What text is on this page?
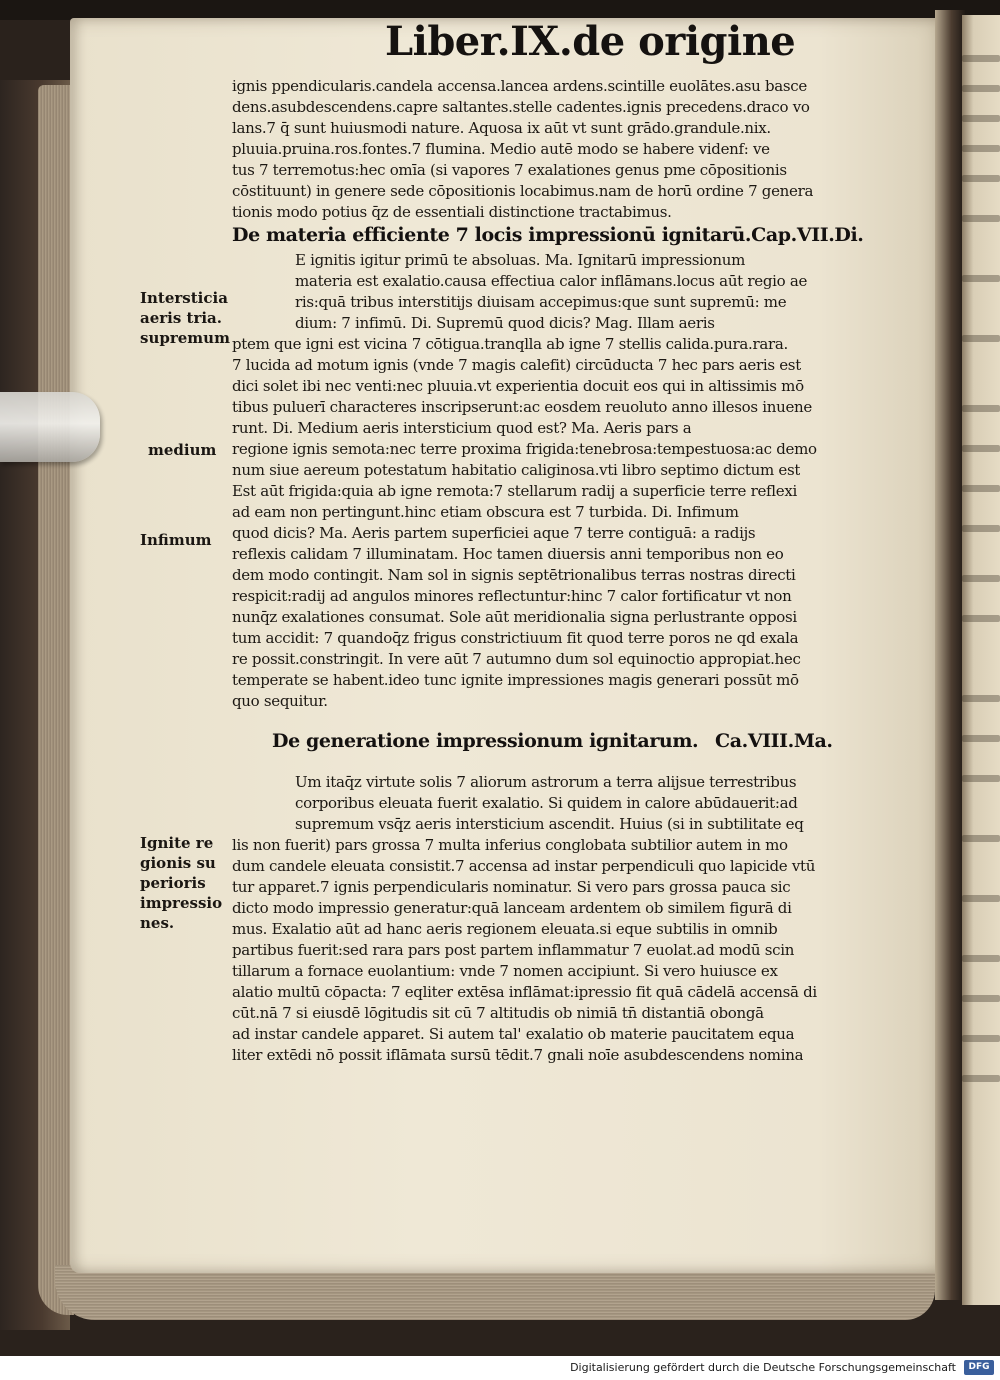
Liber.IX.de origine
ignis ppendicularis.candela accensa.lancea ardens.scintille euolātes.asu basce
dens.asubdescendens.capre saltantes.stelle cadentes.ignis precedens.draco vo
lans.7 q̄ sunt huiusmodi nature. Aquosa ix aūt vt sunt grādo.grandule.nix.
pluuia.pruina.ros.fontes.7 flumina. Medio autē modo se habere videnf: ve
tus 7 terremotus:hec omīa (si vapores 7 exalationes genus pme cōpositionis
cōstituunt) in genere sede cōpositionis locabimus.nam de horū ordine 7 genera
tionis modo potius q̄z de essentiali distinctione tractabimus.
De materia efficiente 7 locis impressionū ignitarū.Cap.VII.Di.
E ignitis igitur primū te absoluas. Ma. Ignitarū impressionum
materia est exalatio.causa effectiua calor inflāmans.locus aūt regio ae
ris:quā tribus interstitijs diuisam accepimus:que sunt supremū: me
dium: 7 infimū. Di. Supremū quod dicis? Mag. Illam aeris
ptem que igni est vicina 7 cōtigua.tranqlla ab igne 7 stellis calida.pura.rara.
7 lucida ad motum ignis (vnde 7 magis calefit) circūducta 7 hec pars aeris est
dici solet ibi nec venti:nec pluuia.vt experientia docuit eos qui in altissimis mō
tibus puluerī characteres inscripserunt:ac eosdem reuoluto anno illesos inuene
runt. Di. Medium aeris intersticium quod est? Ma. Aeris pars a
regione ignis semota:nec terre proxima frigida:tenebrosa:tempestuosa:ac demo
num siue aereum potestatum habitatio caliginosa.vti libro septimo dictum est
Est aūt frigida:quia ab igne remota:7 stellarum radij a superficie terre reflexi
ad eam non pertingunt.hinc etiam obscura est 7 turbida. Di. Infimum
quod dicis? Ma. Aeris partem superficiei aque 7 terre contiguā: a radijs
reflexis calidam 7 illuminatam. Hoc tamen diuersis anni temporibus non eo
dem modo contingit. Nam sol in signis septētrionalibus terras nostras directi
respicit:radij ad angulos minores reflectuntur:hinc 7 calor fortificatur vt non
nunq̄z exalationes consumat. Sole aūt meridionalia signa perlustrante opposi
tum accidit: 7 quandoq̄z frigus constrictiuum fit quod terre poros ne qd exala
re possit.constringit. In vere aūt 7 autumno dum sol equinoctio appropiat.hec
temperate se habent.ideo tunc ignite impressiones magis generari possūt mō
quo sequitur.
De generatione impressionum ignitarum. Ca.VIII.Ma.
Um itaq̄z virtute solis 7 aliorum astrorum a terra alijsue terrestribus
corporibus eleuata fuerit exalatio. Si quidem in calore abūdauerit:ad
supremum vsq̄z aeris intersticium ascendit. Huius (si in subtilitate eq
lis non fuerit) pars grossa 7 multa inferius conglobata subtilior autem in mo
dum candele eleuata consistit.7 accensa ad instar perpendiculi quo lapicide vtū
tur apparet.7 ignis perpendicularis nominatur. Si vero pars grossa pauca sic
dicto modo impressio generatur:quā lanceam ardentem ob similem figurā di
mus. Exalatio aūt ad hanc aeris regionem eleuata.si eque subtilis in omnib
partibus fuerit:sed rara pars post partem inflammatur 7 euolat.ad modū scin
tillarum a fornace euolantium: vnde 7 nomen accipiunt. Si vero huiusce ex
alatio multū cōpacta: 7 eqliter extēsa inflāmat:ipressio fit quā cādelā accensā di
cūt.nā 7 si eiusdē lōgitudis sit cū 7 altitudis ob nimiā tn̄ distantiā obongā
ad instar candele apparet. Si autem tal' exalatio ob materie paucitatem equa
liter extēdi nō possit iflāmata sursū tēdit.7 gnali noīe asubdescendens nomina
Intersticia
aeris tria.
supremum
medium
Infimum
Ignite re
gionis su
perioris
impressio
nes.
Digitalisierung gefördert durch die Deutsche Forschungsgemeinschaft	DFG
